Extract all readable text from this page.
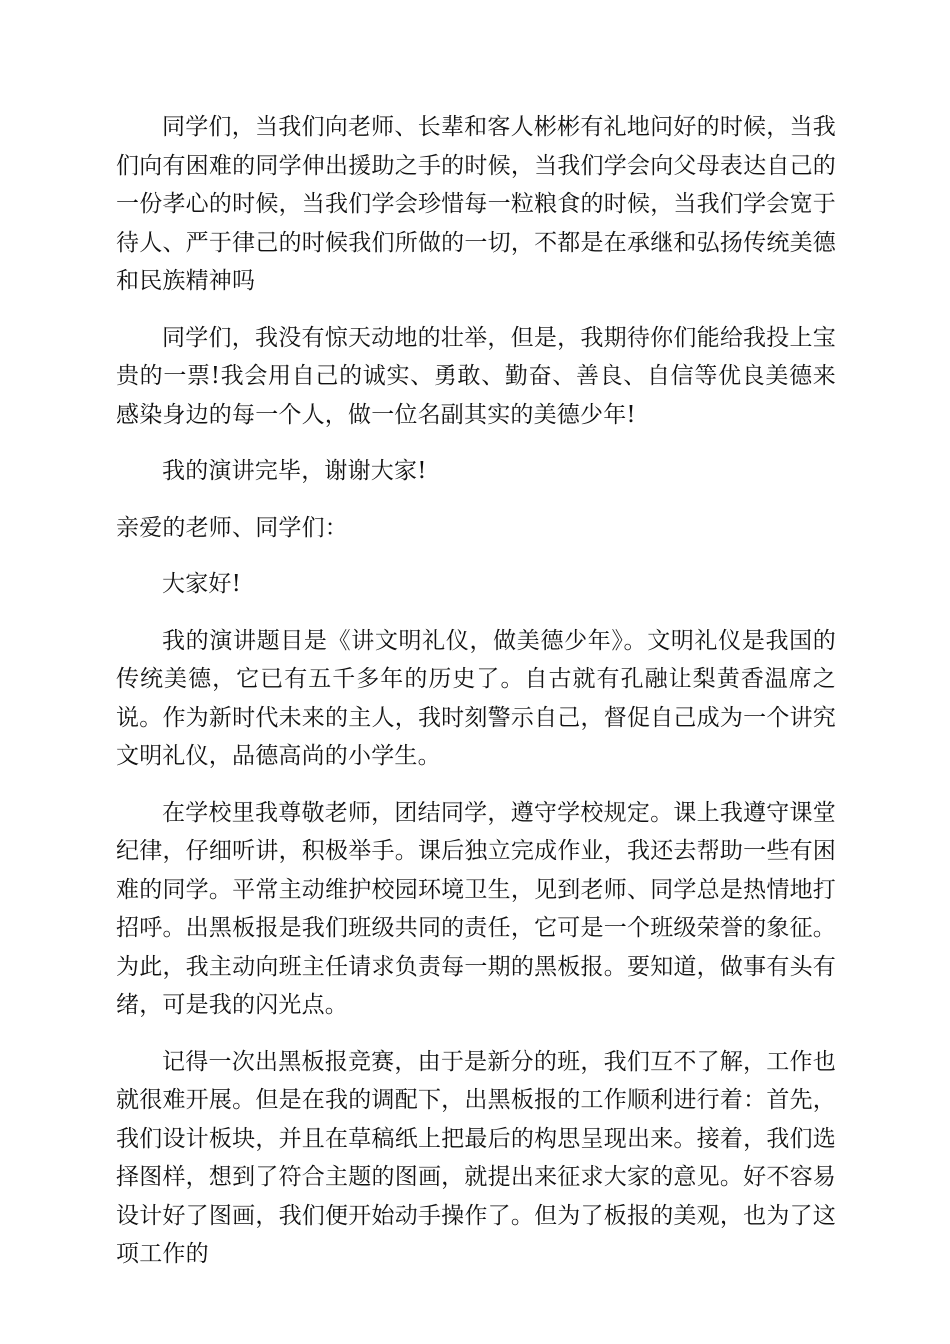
同学们，当我们向老师、长辈和客人彬彬有礼地问好的时候，当我们向有困难的同学伸出援助之手的时候，当我们学会向父母表达自己的一份孝心的时候，当我们学会珍惜每一粒粮食的时候，当我们学会宽于待人、严于律己的时候我们所做的一切，不都是在承继和弘扬传统美德和民族精神吗

同学们，我没有惊天动地的壮举，但是，我期待你们能给我投上宝贵的一票!我会用自己的诚实、勇敢、勤奋、善良、自信等优良美德来感染身边的每一个人，做一位名副其实的美德少年!

我的演讲完毕，谢谢大家!

亲爱的老师、同学们：

大家好!

我的演讲题目是《讲文明礼仪，做美德少年》。文明礼仪是我国的传统美德，它已有五千多年的历史了。自古就有孔融让梨黄香温席之说。作为新时代未来的主人，我时刻警示自己，督促自己成为一个讲究文明礼仪，品德高尚的小学生。

在学校里我尊敬老师，团结同学，遵守学校规定。课上我遵守课堂纪律，仔细听讲，积极举手。课后独立完成作业，我还去帮助一些有困难的同学。平常主动维护校园环境卫生，见到老师、同学总是热情地打招呼。出黑板报是我们班级共同的责任，它可是一个班级荣誉的象征。为此，我主动向班主任请求负责每一期的黑板报。要知道，做事有头有绪，可是我的闪光点。

记得一次出黑板报竞赛，由于是新分的班，我们互不了解，工作也就很难开展。但是在我的调配下，出黑板报的工作顺利进行着：首先，我们设计板块，并且在草稿纸上把最后的构思呈现出来。接着，我们选择图样，想到了符合主题的图画，就提出来征求大家的意见。好不容易设计好了图画，我们便开始动手操作了。但为了板报的美观，也为了这项工作的
